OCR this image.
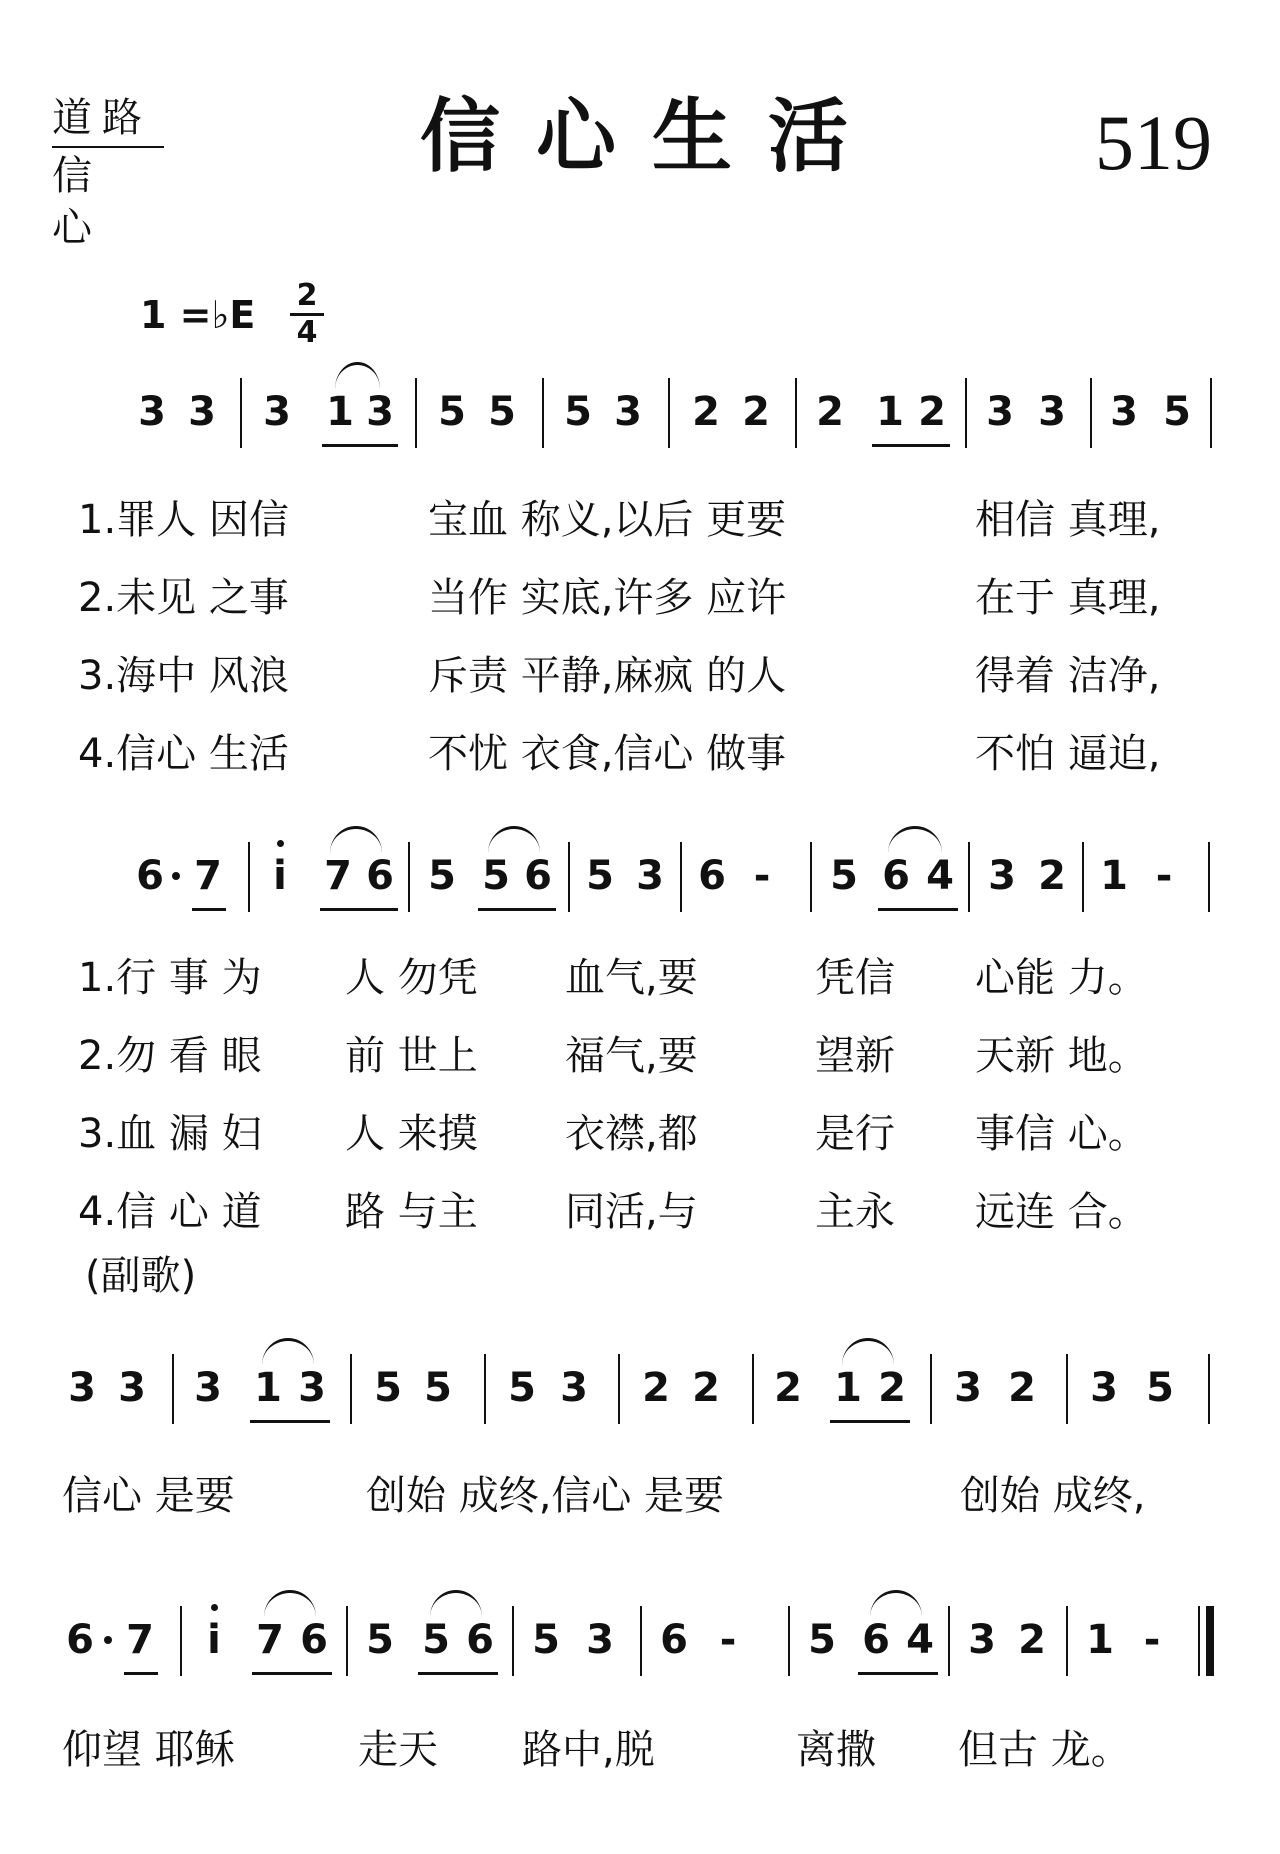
道路
信心
信心生活	519
1 =♭E 2
4
3 3 3 1 3 5 5 5 3 2 2 2 1 2 3 3 3 5
1.罪人 因信	宝血 称义,以后 更要	相信 真理,
2.未见 之事	当作 实底,许多 应许	在于 真理,
3.海中 风浪	斥责 平静,麻疯 的人	得着 洁净,
4.信心 生活	不忧 衣食,信心 做事	不怕 逼迫,
6 7	i 7 6 5 5 6 5 3 6 -	5 6 4 3 2 1 -
1.行 事 为 人 勿凭 血气,要	凭信 心能 力。
2.勿 看 眼 前 世上 福气,要	望新 天新 地。
3.血 漏 妇 人 来摸 衣襟,都	是行 事信 心。
4.信 心 道 路 与主 同活,与	主永 远连 合。
(副歌)
3 3 3 1 3 5 5 5 3 2 2 2 1 2 3 2 3 5
信心 是要	创始 成终,信心 是要	创始 成终,
6 7	i 7 6 5 5 6 5 3 6 -	5 6 4 3 2 1 -
仰望 耶稣	走天 路中,脱	离撒 但古 龙。
